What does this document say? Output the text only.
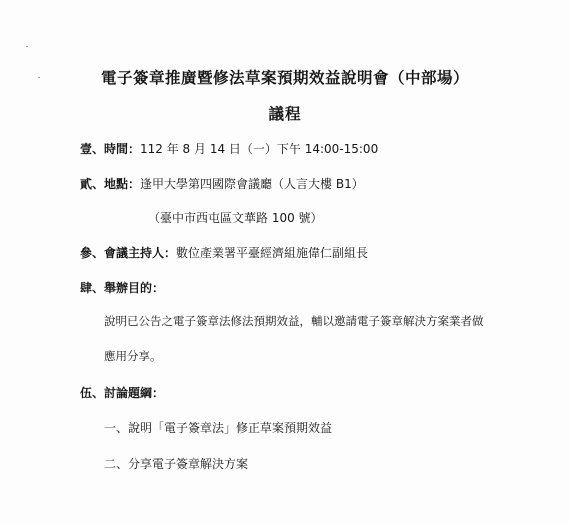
電子簽章推廣暨修法草案預期效益說明會（中部場）
議程
壹、時間：112 年 8 月 14 日（一）下午 14:00-15:00
貳、地點：逢甲大學第四國際會議廳（人言大樓 B1）
（臺中市西屯區文華路 100 號）
參、會議主持人：數位產業署平臺經濟組施偉仁副組長
肆、舉辦目的：
說明已公告之電子簽章法修法預期效益，輔以邀請電子簽章解決方案業者做
應用分享。
伍、討論題綱：
一、說明「電子簽章法」修正草案預期效益
二、分享電子簽章解決方案
